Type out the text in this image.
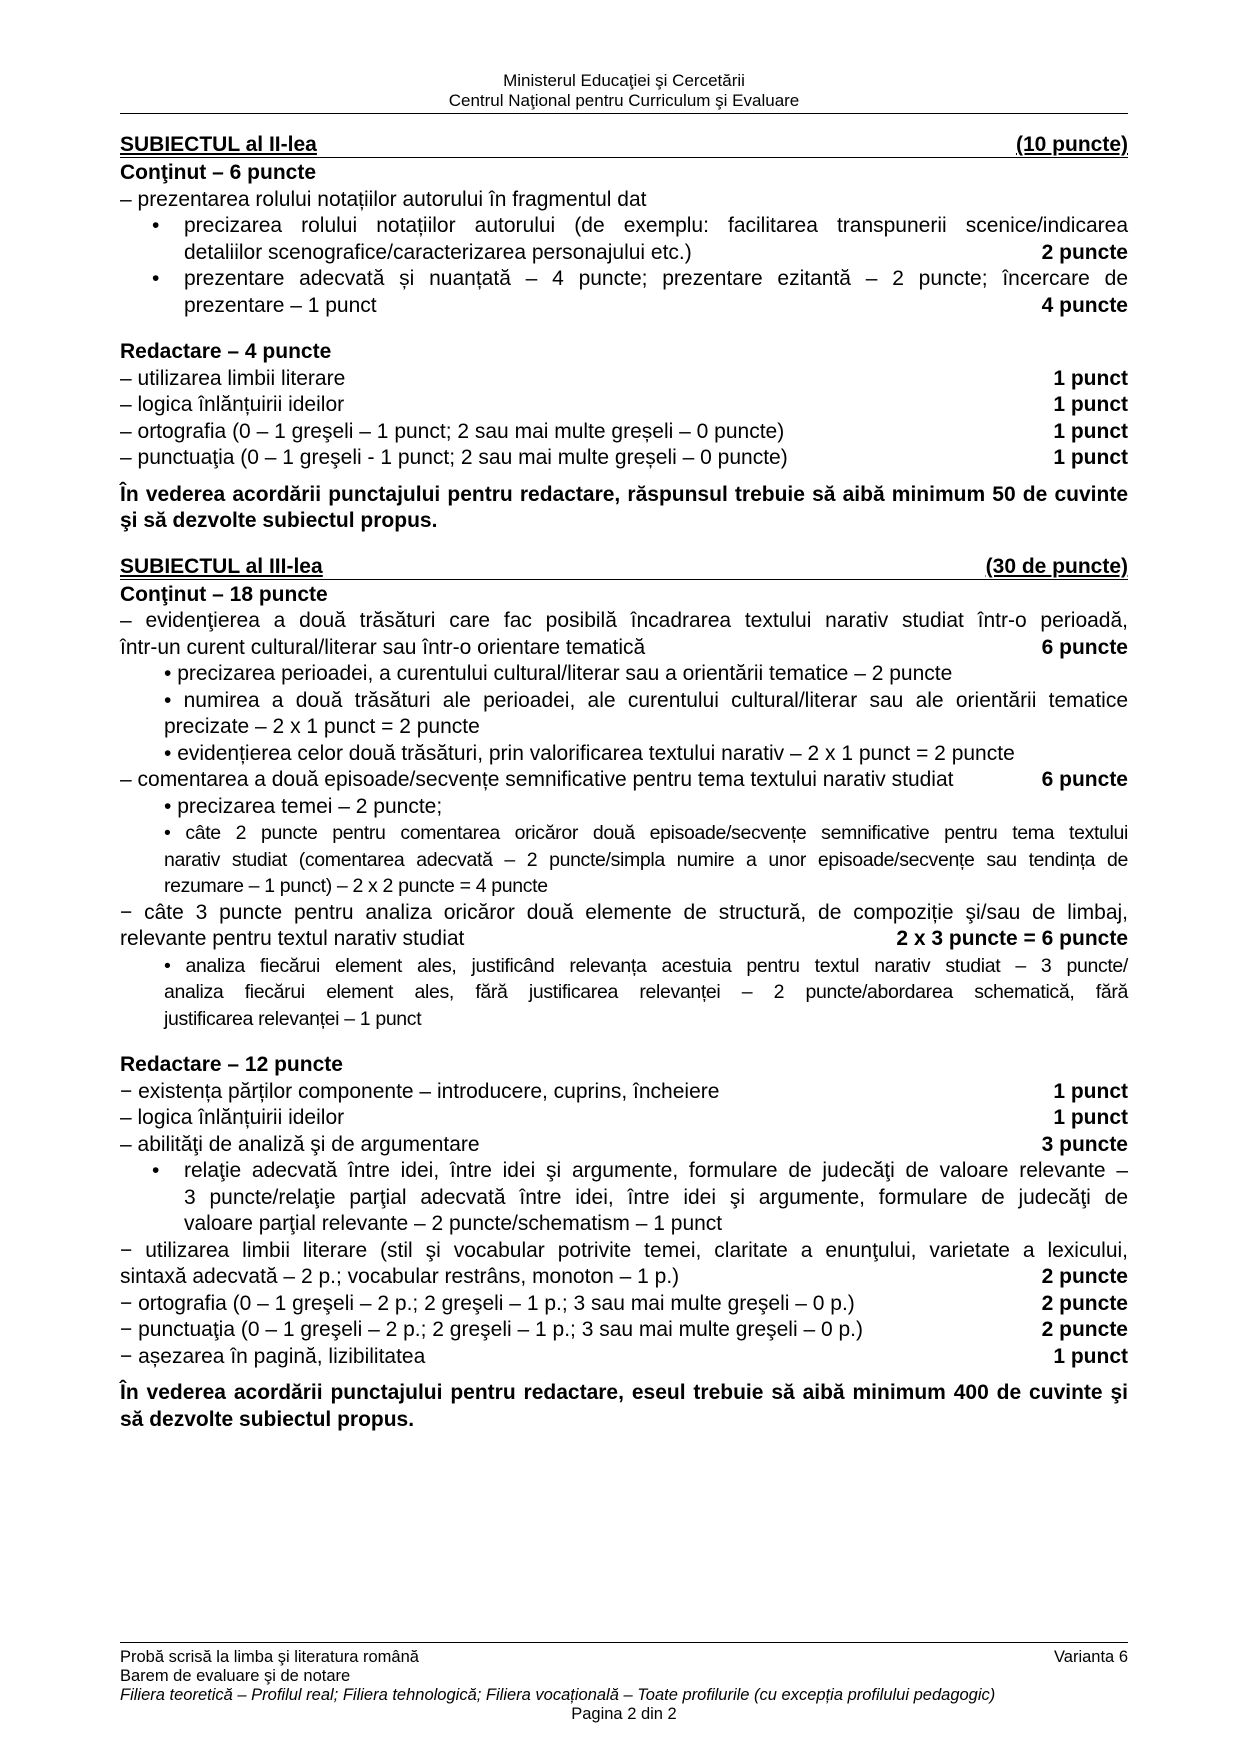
Ministerul Educaţiei şi Cercetării
Centrul Naţional pentru Curriculum şi Evaluare
SUBIECTUL al II-lea	(10 puncte)
Conţinut – 6 puncte
– prezentarea rolului notațiilor autorului în fragmentul dat
•	precizarea rolului notațiilor autorului (de exemplu: facilitarea transpunerii scenice/indicarea
detaliilor scenografice/caracterizarea personajului etc.)	2 puncte
•	prezentare adecvată și nuanțată – 4 puncte; prezentare ezitantă – 2 puncte; încercare de
prezentare – 1 punct	4 puncte
Redactare – 4 puncte
– utilizarea limbii literare	1 punct
– logica înlănțuirii ideilor	1 punct
– ortografia (0 – 1 greşeli – 1 punct; 2 sau mai multe greșeli – 0 puncte)	1 punct
– punctuaţia (0 – 1 greşeli - 1 punct; 2 sau mai multe greșeli – 0 puncte)	1 punct
În vederea acordării punctajului pentru redactare, răspunsul trebuie să aibă minimum 50 de cuvinte şi să dezvolte subiectul propus.
SUBIECTUL al III-lea	(30 de puncte)
Conţinut – 18 puncte
– evidenţierea a două trăsături care fac posibilă încadrarea textului narativ studiat într-o perioadă,
într-un curent cultural/literar sau într-o orientare tematică	6 puncte
• precizarea perioadei, a curentului cultural/literar sau a orientării tematice – 2 puncte
• numirea a două trăsături ale perioadei, ale curentului cultural/literar sau ale orientării tematice
precizate – 2 x 1 punct = 2 puncte
• evidențierea celor două trăsături, prin valorificarea textului narativ – 2 x 1 punct = 2 puncte
– comentarea a două episoade/secvențe semnificative pentru tema textului narativ studiat	6 puncte
• precizarea temei – 2 puncte;
• câte 2 puncte pentru comentarea oricăror două episoade/secvențe semnificative pentru tema textului
narativ studiat (comentarea adecvată – 2 puncte/simpla numire a unor episoade/secvențe sau tendința de
rezumare – 1 punct) – 2 x 2 puncte = 4 puncte
− câte 3 puncte pentru analiza oricăror două elemente de structură, de compoziție şi/sau de limbaj,
relevante pentru textul narativ studiat	2 x 3 puncte = 6 puncte
• analiza fiecărui element ales, justificând relevanța acestuia pentru textul narativ studiat – 3 puncte/
analiza fiecărui element ales, fără justificarea relevanței – 2 puncte/abordarea schematică, fără
justificarea relevanței – 1 punct
Redactare – 12 puncte
− existența părților componente – introducere, cuprins, încheiere	1 punct
– logica înlănțuirii ideilor	1 punct
– abilităţi de analiză şi de argumentare	3 puncte
•	relaţie adecvată între idei, între idei şi argumente, formulare de judecăţi de valoare relevante –
3 puncte/relaţie parţial adecvată între idei, între idei şi argumente, formulare de judecăţi de
valoare parţial relevante – 2 puncte/schematism – 1 punct
− utilizarea limbii literare (stil şi vocabular potrivite temei, claritate a enunţului, varietate a lexicului,
sintaxă adecvată – 2 p.; vocabular restrâns, monoton – 1 p.)	2 puncte
− ortografia (0 – 1 greşeli – 2 p.; 2 greşeli – 1 p.; 3 sau mai multe greşeli – 0 p.)	2 puncte
− punctuaţia (0 – 1 greşeli – 2 p.; 2 greşeli – 1 p.; 3 sau mai multe greşeli – 0 p.)	2 puncte
− așezarea în pagină, lizibilitatea	1 punct
În vederea acordării punctajului pentru redactare, eseul trebuie să aibă minimum 400 de cuvinte şi să dezvolte subiectul propus.
Probă scrisă la limba şi literatura română	Varianta 6
Barem de evaluare şi de notare
Filiera teoretică – Profilul real; Filiera tehnologică; Filiera vocațională – Toate profilurile (cu excepția profilului pedagogic)
Pagina 2 din 2
